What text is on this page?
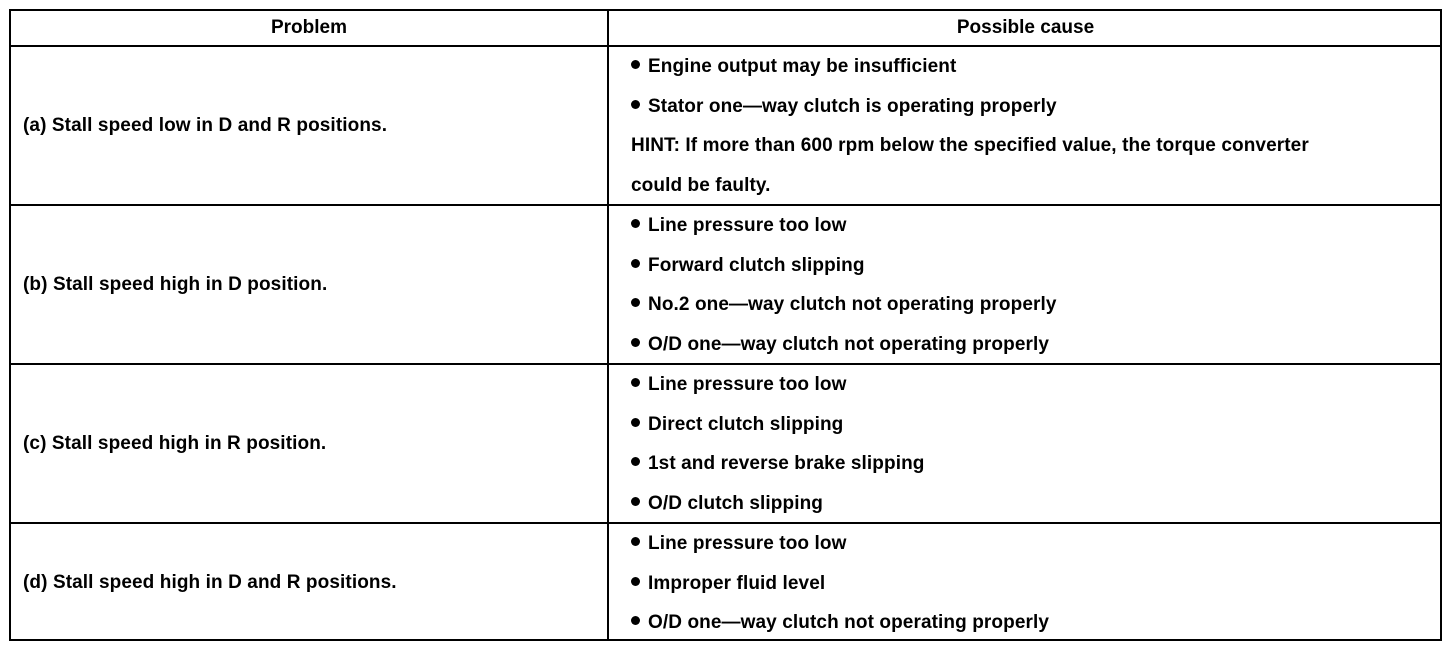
Problem	Possible cause
(a) Stall speed low in D and R positions.
Engine output may be insufficient
Stator one—way clutch is operating properly
HINT: If more than 600 rpm below the specified value, the torque converter
could be faulty.
(b) Stall speed high in D position.
Line pressure too low
Forward clutch slipping
No.2 one—way clutch not operating properly
O/D one—way clutch not operating properly
(c) Stall speed high in R position.
Line pressure too low
Direct clutch slipping
1st and reverse brake slipping
O/D clutch slipping
(d) Stall speed high in D and R positions.
Line pressure too low
Improper fluid level
O/D one—way clutch not operating properly
